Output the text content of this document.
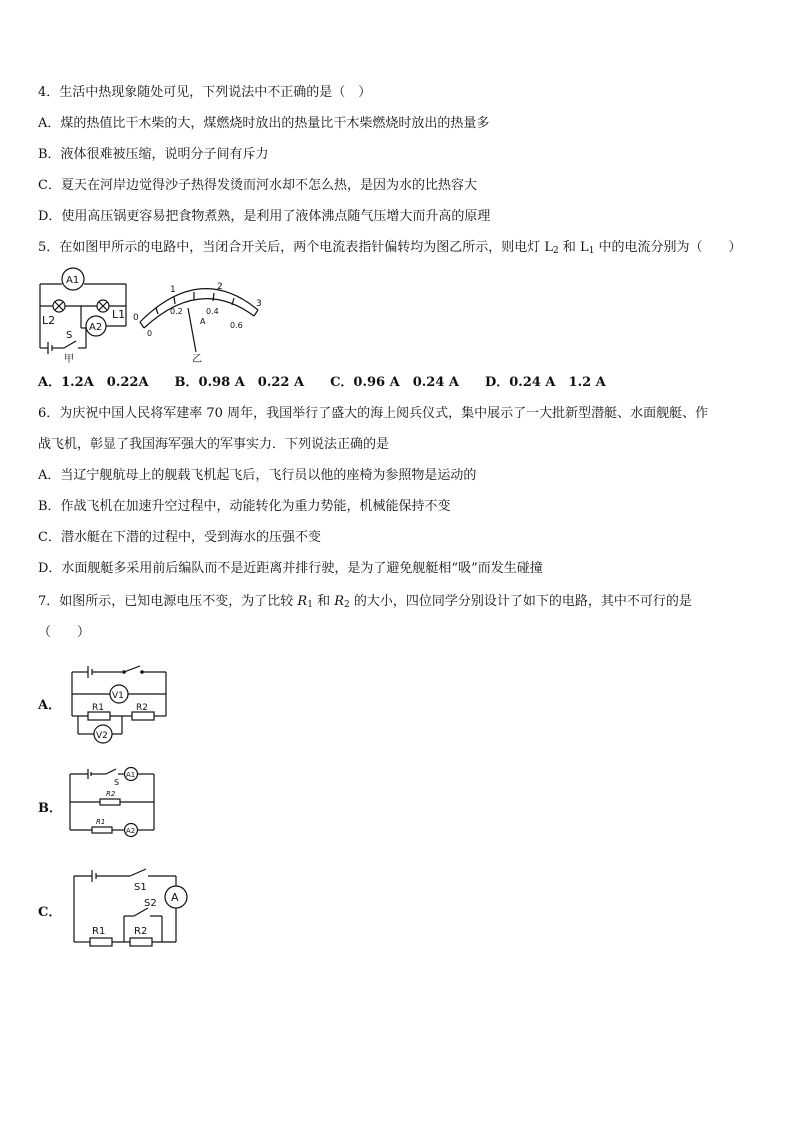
4．生活中热现象随处可见，下列说法中不正确的是（　）
A．煤的热值比干木柴的大，煤燃烧时放出的热量比干木柴燃烧时放出的热量多
B．液体很难被压缩，说明分子间有斥力
C．夏天在河岸边觉得沙子热得发烫而河水却不怎么热，是因为水的比热容大
D．使用高压锅更容易把食物煮熟，是利用了液体沸点随气压增大而升高的原理
5．在如图甲所示的电路中，当闭合开关后，两个电流表指针偏转均为图乙所示，则电灯 $L_2$ 和 $L_1$ 中的电流分别为（　　）
A1
L2	L1
A2
S
甲
0
1	2
3
0
0.2	0.4
0.6
A
乙
A．1.2A　0.22A　　B．0.98 A　0.22 A　　C．0.96 A　0.24 A　　D．0.24 A　1.2 A
6．为庆祝中国人民将军建率 70 周年，我国举行了盛大的海上阅兵仪式，集中展示了一大批新型潜艇、水面舰艇、作
战飞机，彰显了我国海军强大的军事实力．下列说法正确的是
A．当辽宁舰航母上的舰载飞机起飞后，飞行员以他的座椅为参照物是运动的
B．作战飞机在加速升空过程中，动能转化为重力势能，机械能保持不变
C．潜水艇在下潜的过程中，受到海水的压强不变
D．水面舰艇多采用前后编队而不是近距离并排行驶，是为了避免舰艇相“吸”而发生碰撞
7．如图所示，已知电源电压不变，为了比较 $R_1$ 和 $R_2$ 的大小，四位同学分别设计了如下的电路，其中不可行的是
（　　）
A．
V1
R1	R2
V2
B．
S
A1
R2
R1
A2
C．
S1
A
R1	R2
S2
